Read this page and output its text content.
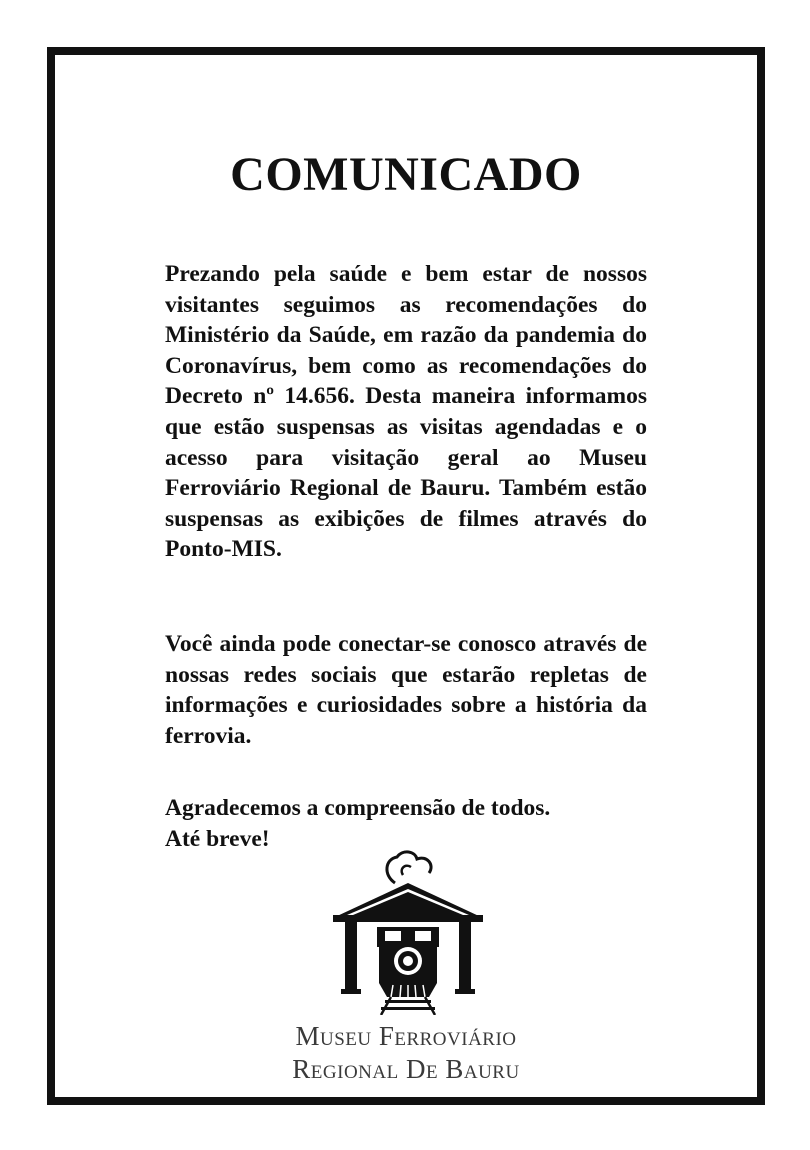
COMUNICADO

Prezando pela saúde e bem estar de nossos visitantes seguimos as recomendações do Ministério da Saúde, em razão da pandemia do Coronavírus, bem como as recomendações do Decreto nº 14.656. Desta maneira informamos que estão suspensas as visitas agendadas e o acesso para visitação geral ao Museu Ferroviário Regional de Bauru. Também estão suspensas as exibições de filmes através do Ponto-MIS.

Você ainda pode conectar-se conosco através de nossas redes sociais que estarão repletas de informações e curiosidades sobre a história da ferrovia.

Agradecemos a compreensão de todos.
Até breve!

Museu Ferroviário
Regional De Bauru
